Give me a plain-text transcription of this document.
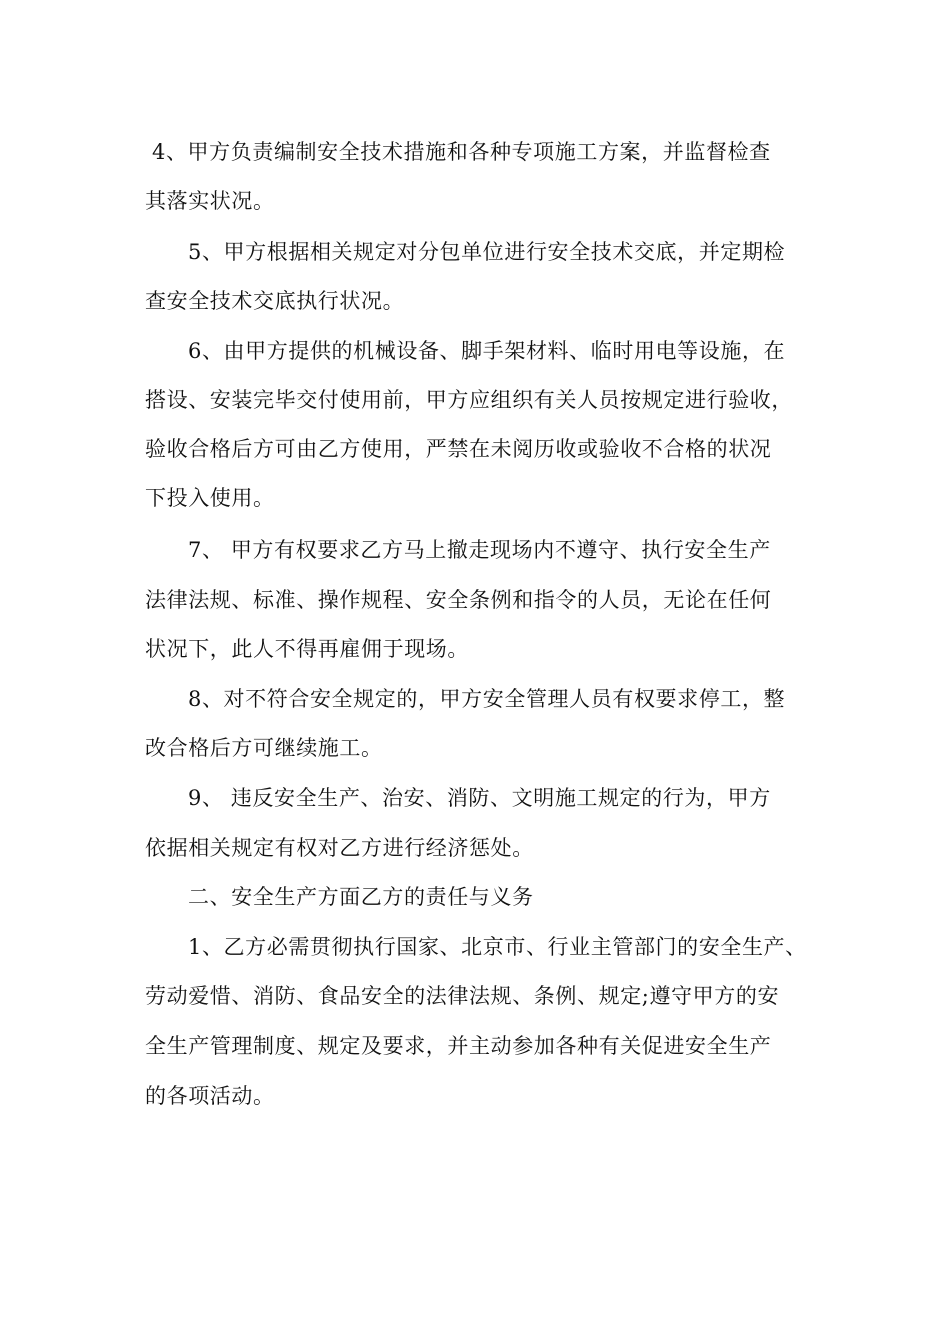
4、甲方负责编制安全技术措施和各种专项施工方案，并监督检查
其落实状况。
5、甲方根据相关规定对分包单位进行安全技术交底，并定期检
查安全技术交底执行状况。
6、由甲方提供的机械设备、脚手架材料、临时用电等设施，在
搭设、安装完毕交付使用前，甲方应组织有关人员按规定进行验收，
验收合格后方可由乙方使用，严禁在未阅历收或验收不合格的状况
下投入使用。
7、 甲方有权要求乙方马上撤走现场内不遵守、执行安全生产
法律法规、标准、操作规程、安全条例和指令的人员，无论在任何
状况下，此人不得再雇佣于现场。
8、对不符合安全规定的，甲方安全管理人员有权要求停工，整
改合格后方可继续施工。
9、 违反安全生产、治安、消防、文明施工规定的行为，甲方
依据相关规定有权对乙方进行经济惩处。
二、安全生产方面乙方的责任与义务
1、乙方必需贯彻执行国家、北京市、行业主管部门的安全生产、
劳动爱惜、消防、食品安全的法律法规、条例、规定;遵守甲方的安
全生产管理制度、规定及要求，并主动参加各种有关促进安全生产
的各项活动。
